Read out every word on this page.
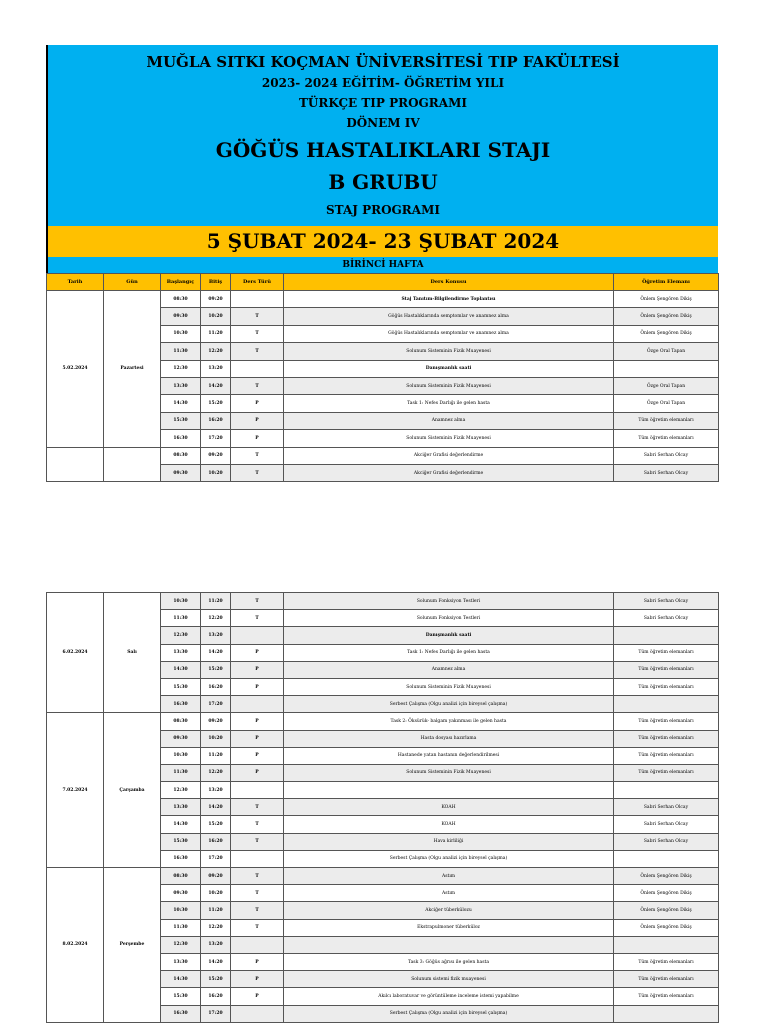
MUĞLA SITKI KOÇMAN ÜNİVERSİTESİ TIP FAKÜLTESİ
2023- 2024 EĞİTİM- ÖĞRETİM YILI
TÜRKÇE TIP PROGRAMI
DÖNEM IV
GÖĞÜS HASTALIKLARI STAJI
B GRUBU
STAJ PROGRAMI
5 ŞUBAT 2024- 23 ŞUBAT 2024
BİRİNCİ HAFTA
Tarih	Gün	Başlangıç	Bitiş	Ders Türü	Ders Konusu	Öğretim Elemanı
5.02.2024	Pazartesi	08:30	09:20		Staj Tanıtım-Bilgilendirme Toplantısı	Önlem Şengören Dikiş
		09:30	10:20	T	Göğüs Hastalıklarında semptomlar ve anamnez alma	Önlem Şengören Dikiş
		10:30	11:20	T	Göğüs Hastalıklarında semptomlar ve anamnez alma	Önlem Şengören Dikiş
		11:30	12:20	T	Solunum Sisteminin Fizik Muayenesi	Özge Oral Tapan
		12:30	13:20		Danışmanlık saati	
		13:30	14:20	T	Solunum Sisteminin Fizik Muayenesi	Özge Oral Tapan
		14:30	15:20	P	Task 1: Nefes Darlığı ile gelen hasta	Özge Oral Tapan
		15:30	16:20	P	Anamnez alma	Tüm öğretim elemanları
		16:30	17:20	P	Solunum Sisteminin Fizik Muayenesi	Tüm öğretim elemanları
		08:30	09:20	T	Akciğer Grafisi değerlendirme	Sabri Serhan Olcay
		09:30	10:20	T	Akciğer Grafisi değerlendirme	Sabri Serhan Olcay
6.02.2024	Salı	10:30	11:20	T	Solunum Fonksiyon Testleri	Sabri Serhan Olcay
		11:30	12:20	T	Solunum Fonksiyon Testleri	Sabri Serhan Olcay
		12:30	13:20		Danışmanlık saati	
		13:30	14:20	P	Task 1: Nefes Darlığı ile gelen hasta	Tüm öğretim elemanları
		14:30	15:20	P	Anamnez alma	Tüm öğretim elemanları
		15:30	16:20	P	Solunum Sisteminin Fizik Muayenesi	Tüm öğretim elemanları
		16:30	17:20		Serbest Çalışma (Olgu analizi için bireysel çalışma)	
7.02.2024	Çarşamba	08:30	09:20	P	Task 2: Öksürük- balgam yakınması ile gelen hasta	Tüm öğretim elemanları
		09:30	10:20	P	Hasta dosyası hazırlama	Tüm öğretim elemanları
		10:30	11:20	P	Hastanede yatan hastanın değerlendirilmesi	Tüm öğretim elemanları
		11:30	12:20	P	Solunum Sisteminin Fizik Muayenesi	Tüm öğretim elemanları
		12:30	13:20			
		13:30	14:20	T	KOAH	Sabri Serhan Olcay
		14:30	15:20	T	KOAH	Sabri Serhan Olcay
		15:30	16:20	T	Hava kirliliği	Sabri Serhan Olcay
		16:30	17:20		Serbest Çalışma (Olgu analizi için bireysel çalışma)	
8.02.2024	Perşembe	08:30	09:20	T	Astım	Önlem Şengören Dikiş
		09:30	10:20	T	Astım	Önlem Şengören Dikiş
		10:30	11:20	T	Akciğer tüberkülozu	Önlem Şengören Dikiş
		11:30	12:20	T	Ekstrapulmoner tüberküloz	Önlem Şengören Dikiş
		12:30	13:20			
		13:30	14:20	P	Task 3: Göğüs ağrısı ile gelen hasta	Tüm öğretim elemanları
		14:30	15:20	P	Solunum sistemi fizik muayenesi	Tüm öğretim elemanları
		15:30	16:20	P	Akılcı laboratuvar ve görüntüleme inceleme istemi yapabilme	Tüm öğretim elemanları
		16:30	17:20		Serbest Çalışma (Olgu analizi için bireysel çalışma)	
